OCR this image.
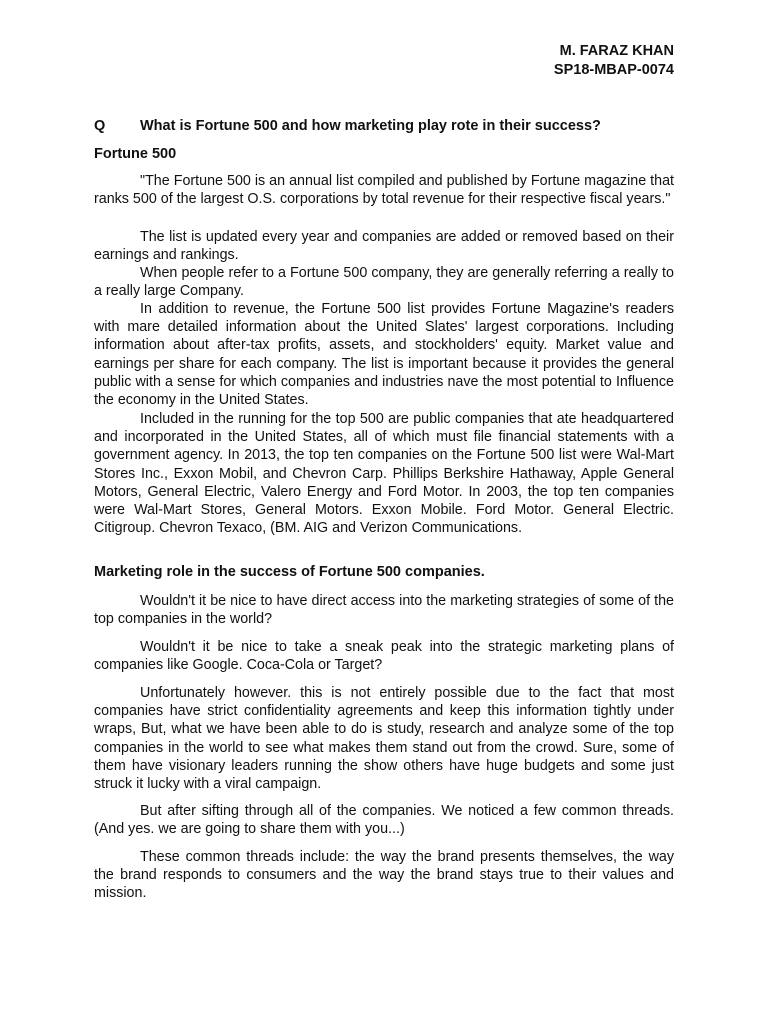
M. FARAZ KHAN
SP18-MBAP-0074
Q	What is Fortune 500 and how marketing play rote in their success?
Fortune 500

"The Fortune 500 is an annual list compiled and published by Fortune magazine that ranks 500 of the largest O.S. corporations by total revenue for their respective fiscal years."

The list is updated every year and companies are added or removed based on their earnings and rankings.

When people refer to a Fortune 500 company, they are generally referring a really to a really large Company.

In addition to revenue, the Fortune 500 list provides Fortune Magazine's readers with mare detailed information about the United Slates' largest corporations. Including information about after-tax profits, assets, and stockholders' equity. Market value and earnings per share for each company. The list is important because it provides the general public with a sense for which companies and industries nave the most potential to Influence the economy in the United States.

Included in the running for the top 500 are public companies that ate headquartered and incorporated in the United States, all of which must file financial statements with a government agency. In 2013, the top ten companies on the Fortune 500 list were Wal-Mart Stores Inc., Exxon Mobil, and Chevron Carp. Phillips Berkshire Hathaway, Apple General Motors, General Electric, Valero Energy and Ford Motor. In 2003, the top ten companies were Wal-Mart Stores, General Motors. Exxon Mobile. Ford Motor. General Electric. Citigroup. Chevron Texaco, (BM. AIG and Verizon Communications.

Marketing role in the success of Fortune 500 companies.

Wouldn't it be nice to have direct access into the marketing strategies of some of the top companies in the world?

Wouldn't it be nice to take a sneak peak into the strategic marketing plans of companies like Google. Coca-Cola or Target?

Unfortunately however. this is not entirely possible due to the fact that most companies have strict confidentiality agreements and keep this information tightly under wraps, But, what we have been able to do is study, research and analyze some of the top companies in the world to see what makes them stand out from the crowd. Sure, some of them have visionary leaders running the show others have huge budgets and some just struck it lucky with a viral campaign.

But after sifting through all of the companies. We noticed a few common threads. (And yes. we are going to share them with you...)

These common threads include: the way the brand presents themselves, the way the brand responds to consumers and the way the brand stays true to their values and mission.
